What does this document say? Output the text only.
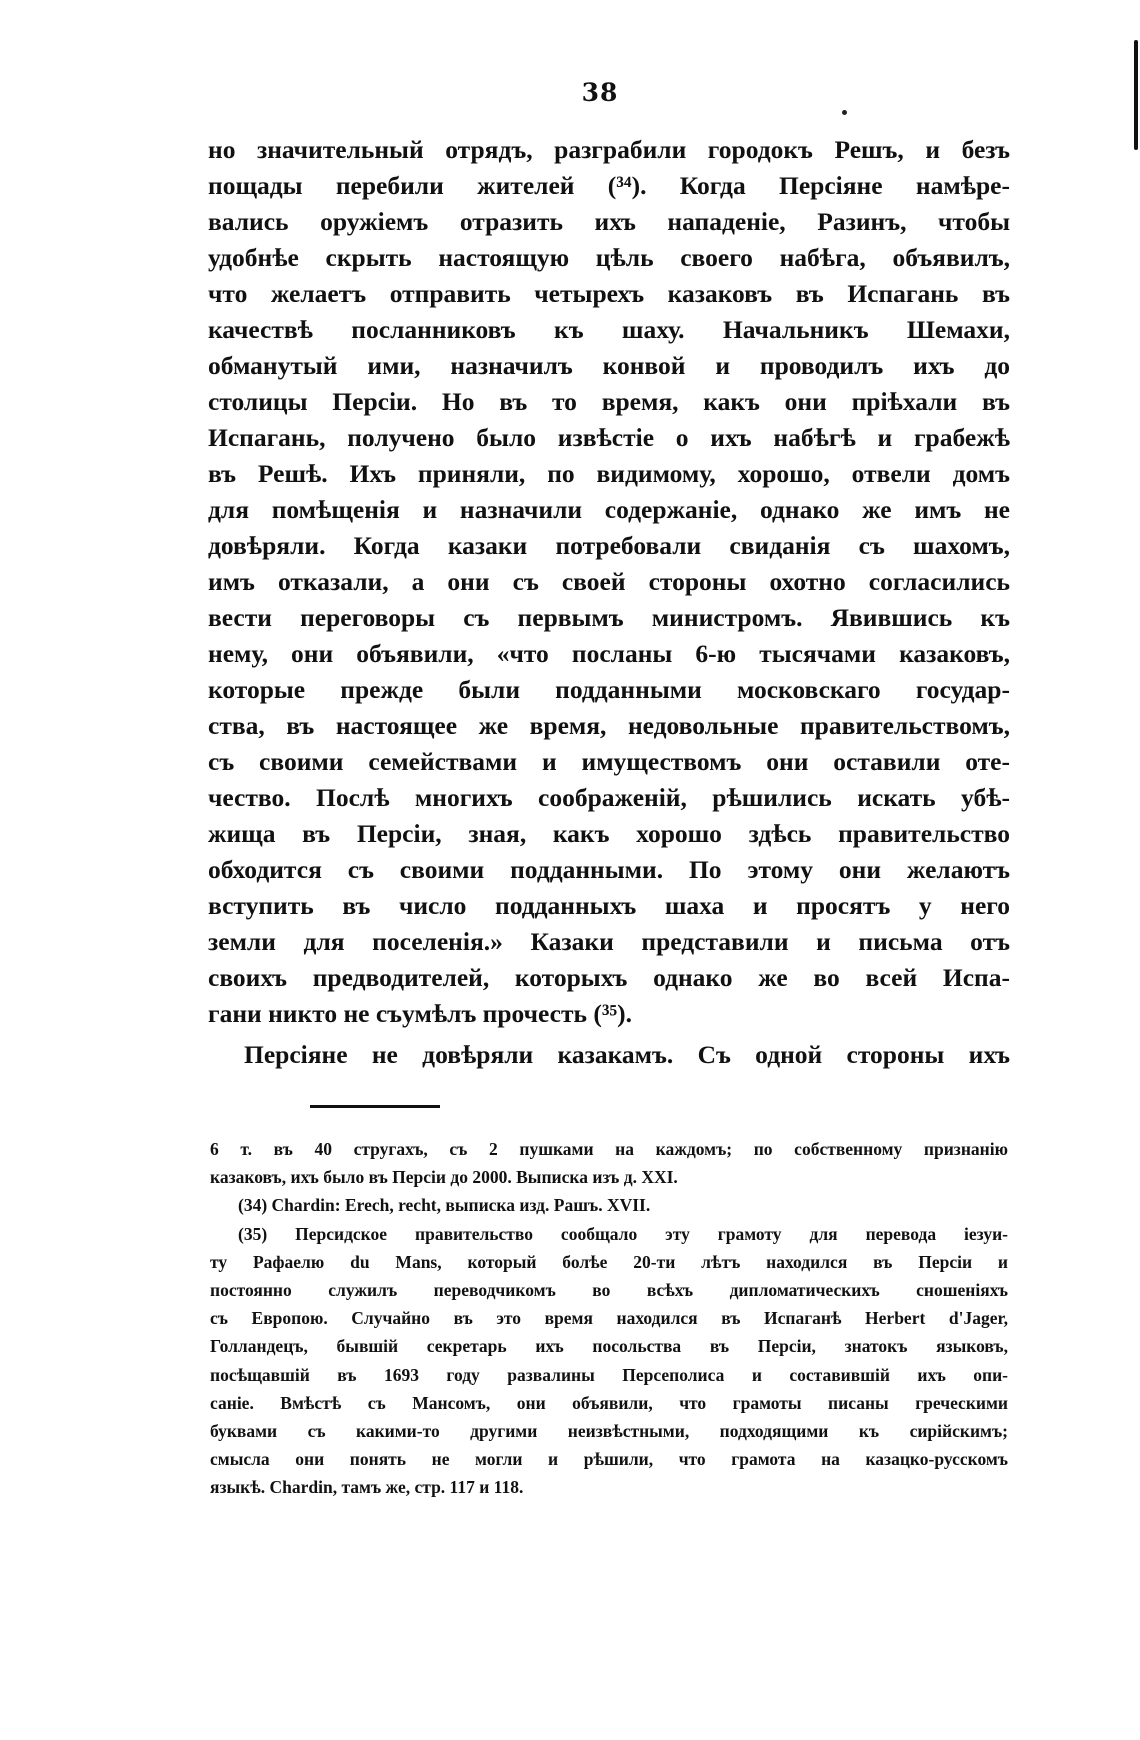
38
но значительный отрядъ, разграбили городокъ Решъ, и безъ
пощады перебили жителей (³⁴). Когда Персіяне намѣре-
вались оружіемъ отразить ихъ нападеніе, Разинъ, чтобы
удобнѣе скрыть настоящую цѣль своего набѣга, объявилъ,
что желаетъ отправить четырехъ казаковъ въ Испагань въ
качествѣ посланниковъ къ шаху. Начальникъ Шемахи,
обманутый ими, назначилъ конвой и проводилъ ихъ до
столицы Персіи. Но въ то время, какъ они пріѣхали въ
Испагань, получено было извѣстіе о ихъ набѣгѣ и грабежѣ
въ Решѣ. Ихъ приняли, по видимому, хорошо, отвели домъ
для помѣщенія и назначили содержаніе, однако же имъ не
довѣряли. Когда казаки потребовали свиданія съ шахомъ,
имъ отказали, а они съ своей стороны охотно согласились
вести переговоры съ первымъ министромъ. Явившись къ
нему, они объявили, «что посланы 6-ю тысячами казаковъ,
которые прежде были подданными московскаго государ-
ства, въ настоящее же время, недовольные правительствомъ,
съ своими семействами и имуществомъ они оставили оте-
чество. Послѣ многихъ соображеній, рѣшились искать убѣ-
жища въ Персіи, зная, какъ хорошо здѣсь правительство
обходится съ своими подданными. По этому они желаютъ
вступить въ число подданныхъ шаха и просятъ у него
земли для поселенія.» Казаки представили и письма отъ
своихъ предводителей, которыхъ однако же во всей Испа-
гани никто не съумѣлъ прочесть (³⁵).
Персіяне не довѣряли казакамъ. Съ одной стороны ихъ
6 т. въ 40 стругахъ, съ 2 пушками на каждомъ; по собственному признанію
казаковъ, ихъ было въ Персіи до 2000. Выписка изъ д. XXI.
(34) Chardin: Erech, recht, выписка изд. Рашъ. XVII.
(35) Персидское правительство сообщало эту грамоту для перевода іезуи-
ту Рафаелю du Mans, который болѣе 20-ти лѣтъ находился въ Персіи и
постоянно служилъ переводчикомъ во всѣхъ дипломатическихъ сношеніяхъ
съ Европою. Случайно въ это время находился въ Испаганѣ Herbert d'Jager,
Голландецъ, бывшій секретарь ихъ посольства въ Персіи, знатокъ языковъ,
посѣщавшій въ 1693 году развалины Персеполиса и составившій ихъ опи-
саніе. Вмѣстѣ съ Мансомъ, они объявили, что грамоты писаны греческими
буквами съ какими-то другими неизвѣстными, подходящими къ сирійскимъ;
смысла они понять не могли и рѣшили, что грамота на казацко-русскомъ
языкѣ. Chardin, тамъ же, стр. 117 и 118.
